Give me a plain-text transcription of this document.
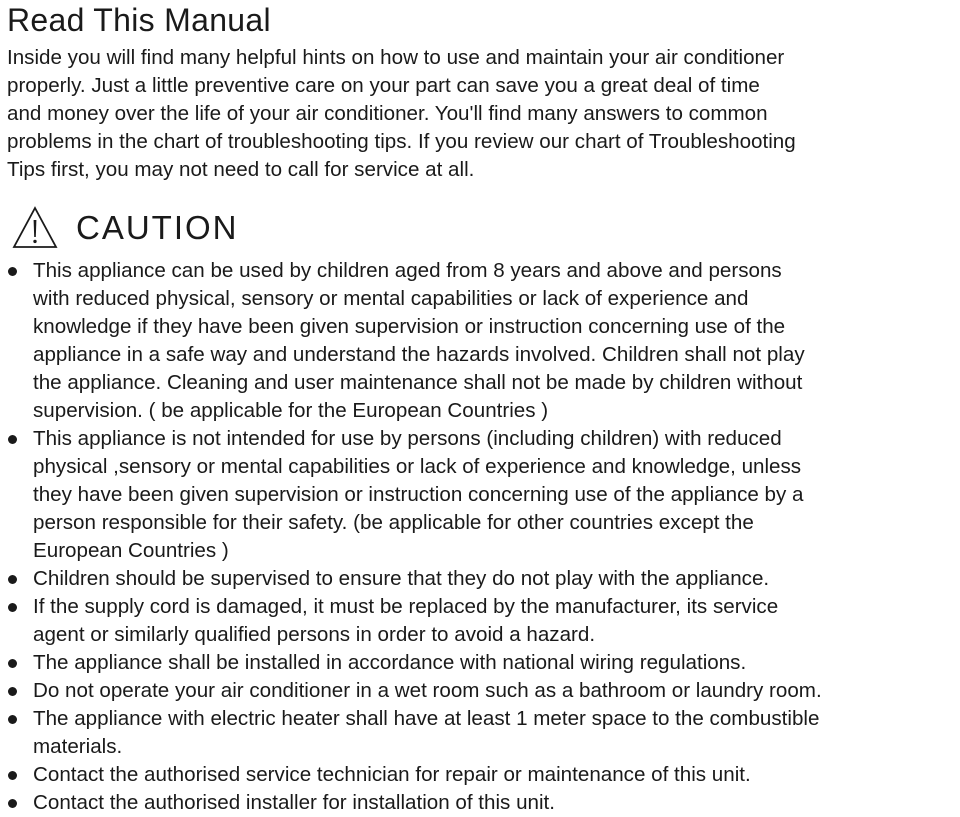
Read This Manual

Inside you will find many helpful hints on how to use and maintain your air conditioner
properly. Just a little preventive care on your part can save you a great deal of time
and money over the life of your air conditioner. You'll find many answers to common
problems in the chart of troubleshooting tips. If you review our chart of Troubleshooting
Tips first, you may not need to call for service at all.

CAUTION
This appliance can be used by children aged from 8 years and above and persons
with reduced physical, sensory or mental capabilities or lack of experience and
knowledge if they have been given supervision or instruction concerning use of the
appliance in a safe way and understand the hazards involved. Children shall not play
the appliance. Cleaning and user maintenance shall not be made by children without
supervision. ( be applicable for the European Countries )
This appliance is not intended for use by persons (including children) with reduced
physical ,sensory or mental capabilities or lack of experience and knowledge, unless
they have been given supervision or instruction concerning use of the appliance by a
person responsible for their safety. (be applicable for other countries except the
European Countries )
Children should be supervised to ensure that they do not play with the appliance.
If the supply cord is damaged, it must be replaced by the manufacturer, its service
agent or similarly qualified persons in order to avoid a hazard.
The appliance shall be installed in accordance with national wiring regulations.
Do not operate your air conditioner in a wet room such as a bathroom or laundry room.
The appliance with electric heater shall have at least 1 meter space to the combustible
materials.
Contact the authorised service technician for repair or maintenance of this unit.
Contact the authorised installer for installation of this unit.
